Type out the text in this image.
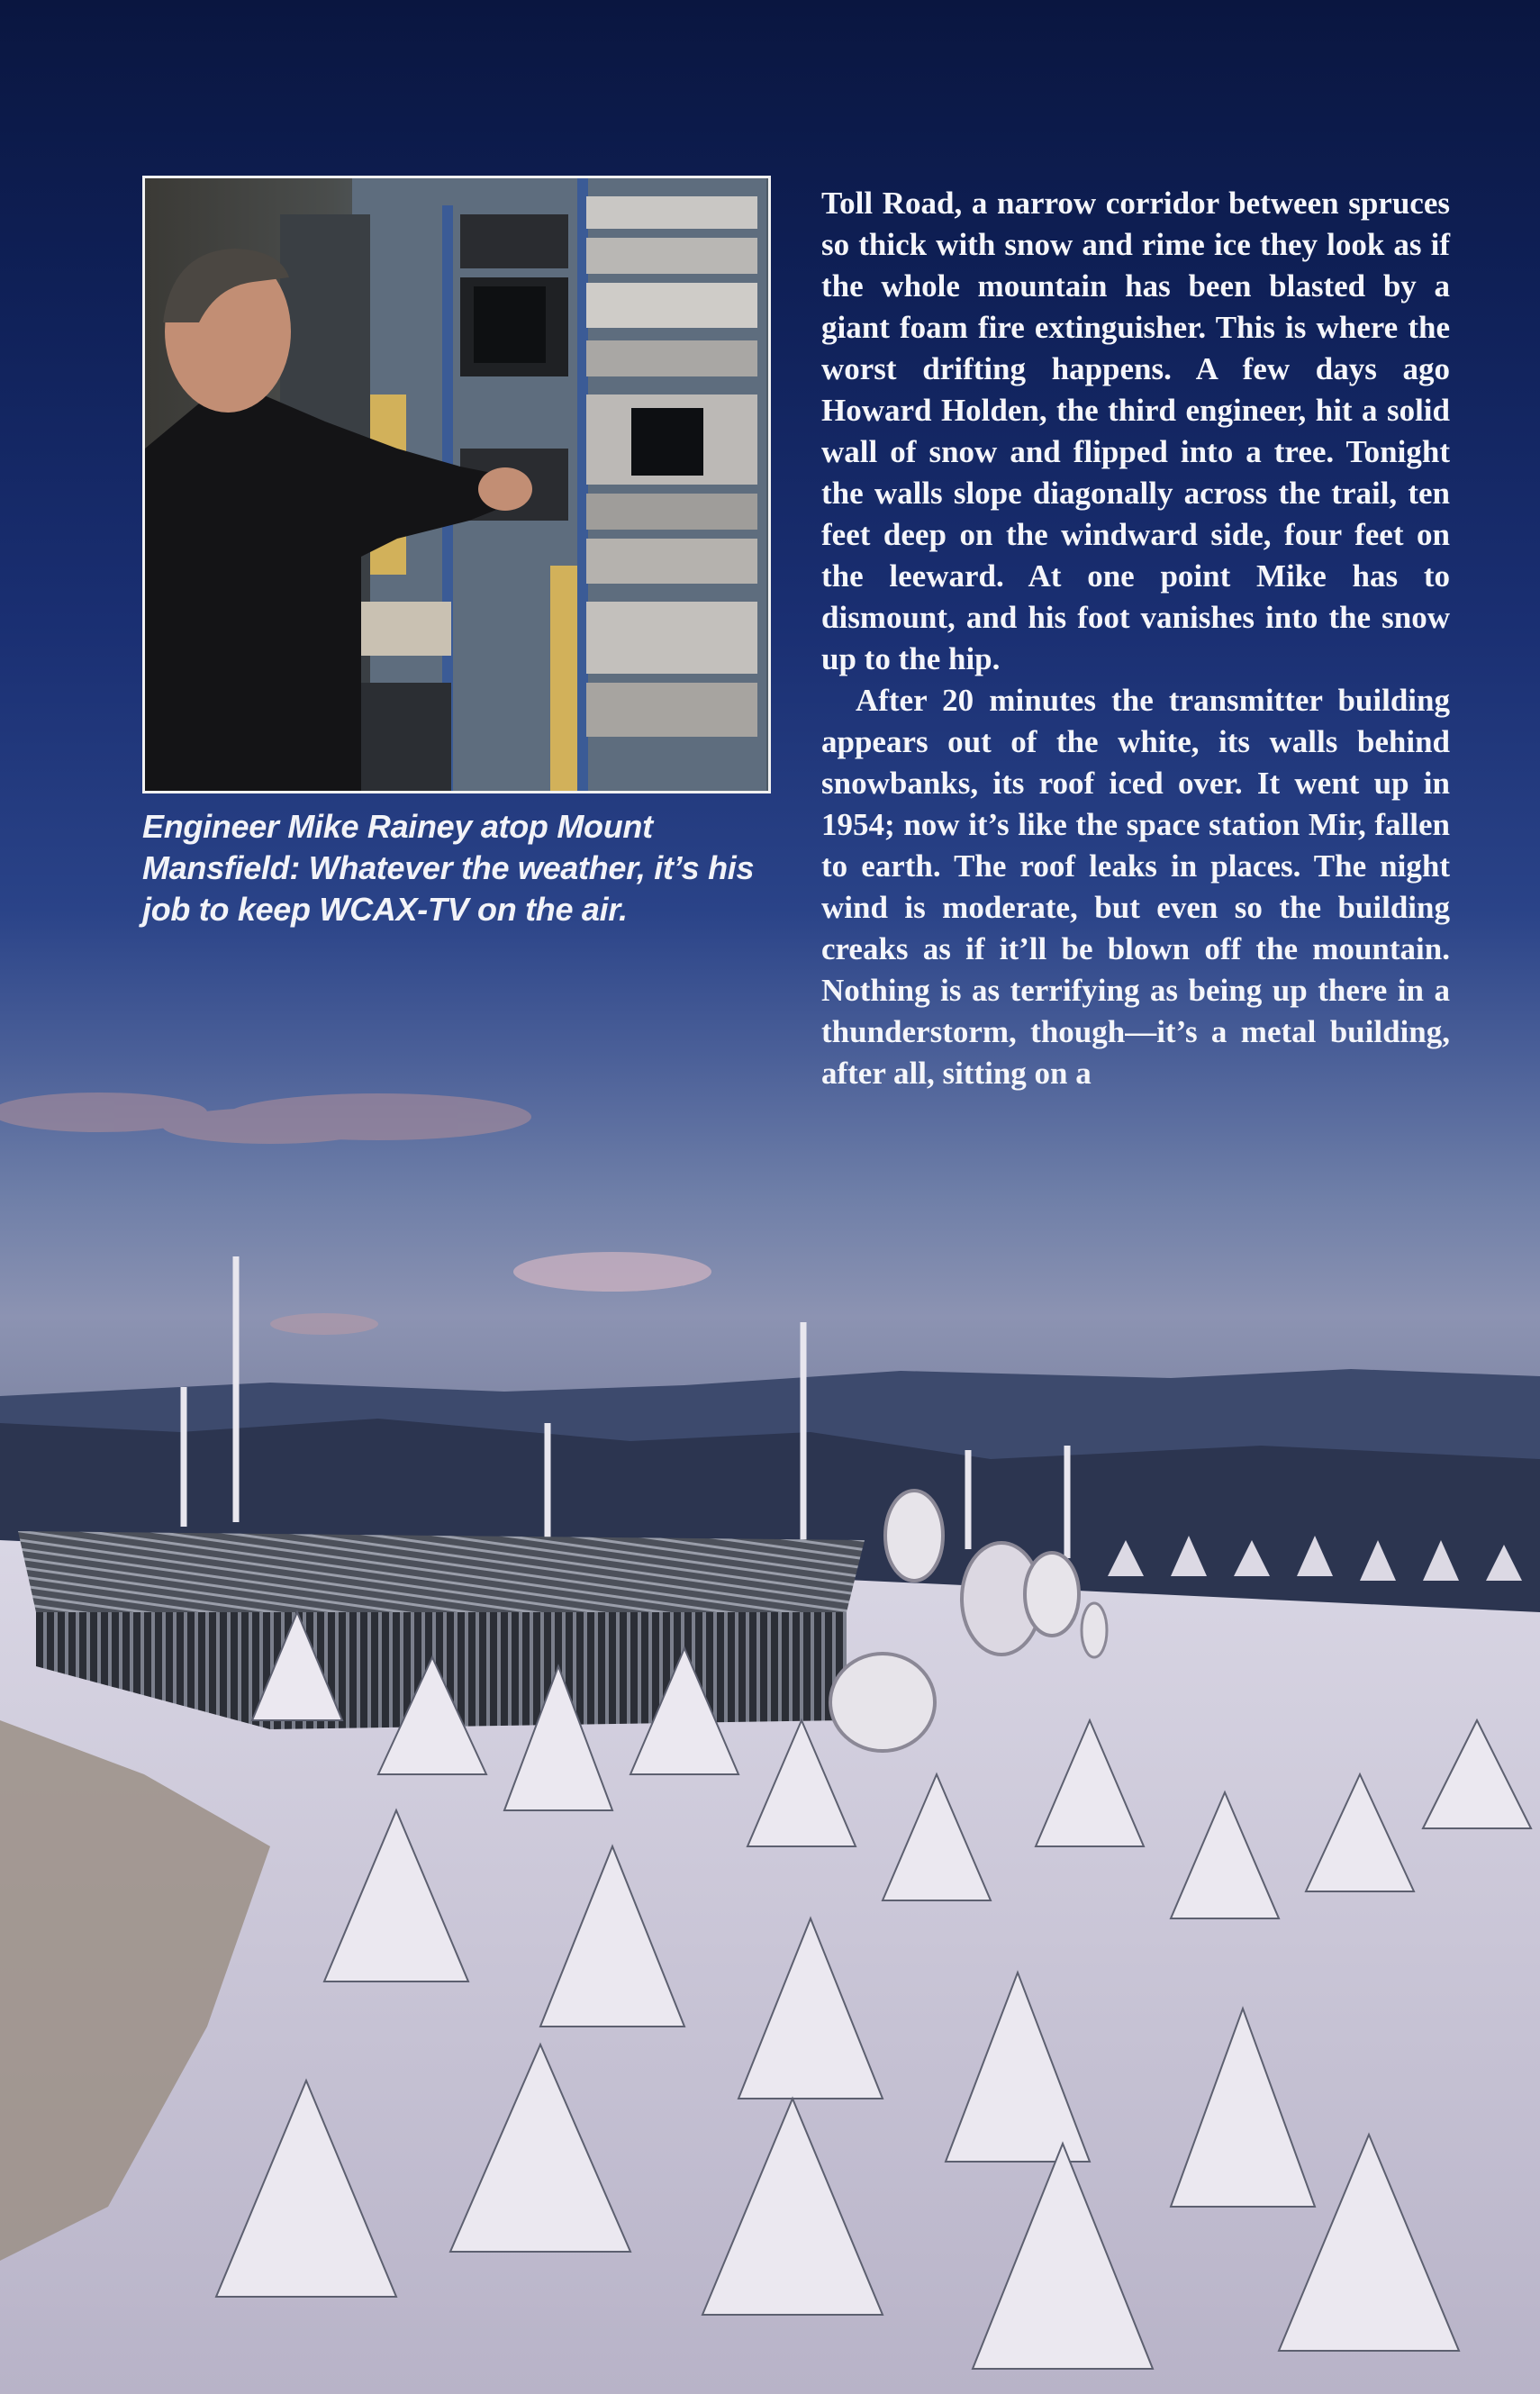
Engineer Mike Rainey atop Mount Mansfield: Whatever the weather, it’s his job to keep WCAX-TV on the air.

Toll Road, a narrow corridor between spruces so thick with snow and rime ice they look as if the whole mountain has been blasted by a giant foam fire extinguisher. This is where the worst drifting happens. A few days ago Howard Holden, the third engineer, hit a solid wall of snow and flipped into a tree. Tonight the walls slope diagonally across the trail, ten feet deep on the windward side, four feet on the leeward. At one point Mike has to dismount, and his foot vanishes into the snow up to the hip.

After 20 minutes the transmitter building appears out of the white, its walls behind snowbanks, its roof iced over. It went up in 1954; now it’s like the space station Mir, fallen to earth. The roof leaks in places. The night wind is moderate, but even so the building creaks as if it’ll be blown off the mountain. Nothing is as terrifying as being up there in a thunderstorm, though—it’s a metal building, after all, sitting on a
